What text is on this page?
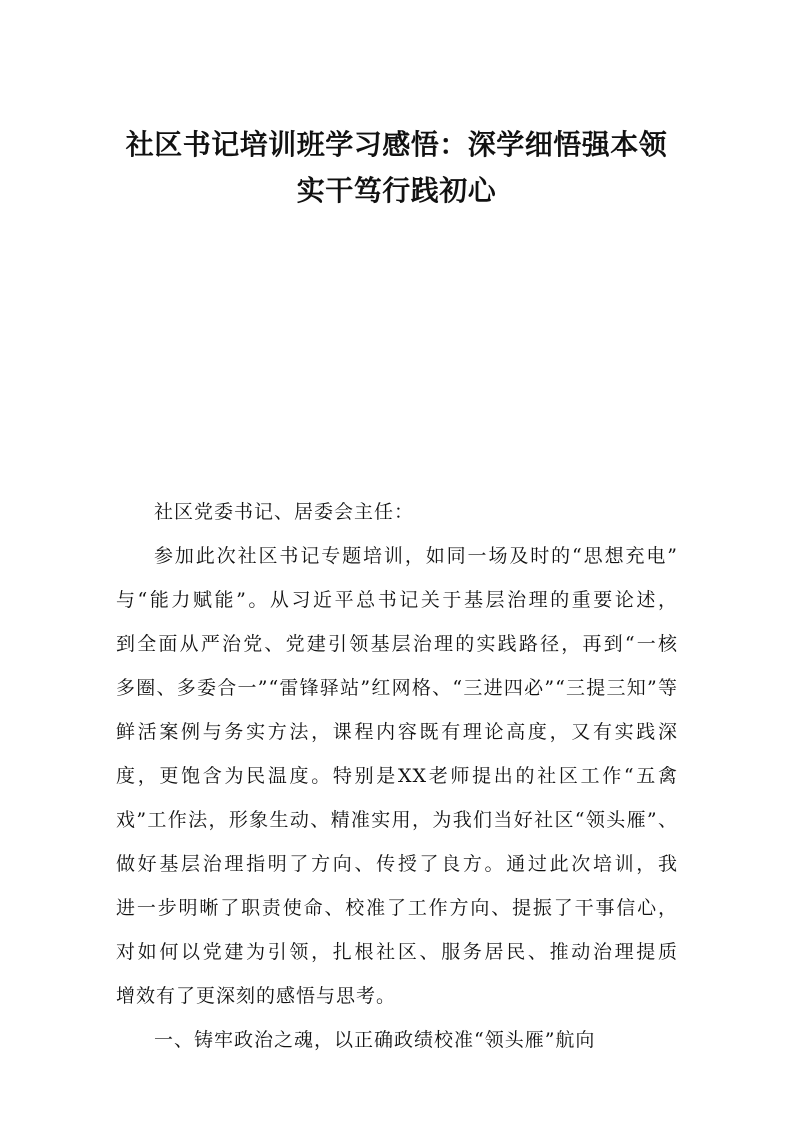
社区书记培训班学习感悟：深学细悟强本领
实干笃行践初心

社区党委书记、居委会主任：

参加此次社区书记专题培训，如同一场及时的“思想充电”

与“能力赋能”。从习近平总书记关于基层治理的重要论述，

到全面从严治党、党建引领基层治理的实践路径，再到“一核

多圈、多委合一”“雷锋驿站”红网格、“三进四必”“三提三知”等

鲜活案例与务实方法，课程内容既有理论高度，又有实践深

度，更饱含为民温度。特别是XX老师提出的社区工作“五禽

戏”工作法，形象生动、精准实用，为我们当好社区“领头雁”、

做好基层治理指明了方向、传授了良方。通过此次培训，我

进一步明晰了职责使命、校准了工作方向、提振了干事信心，

对如何以党建为引领，扎根社区、服务居民、推动治理提质

增效有了更深刻的感悟与思考。

一、铸牢政治之魂，以正确政绩校准“领头雁”航向
